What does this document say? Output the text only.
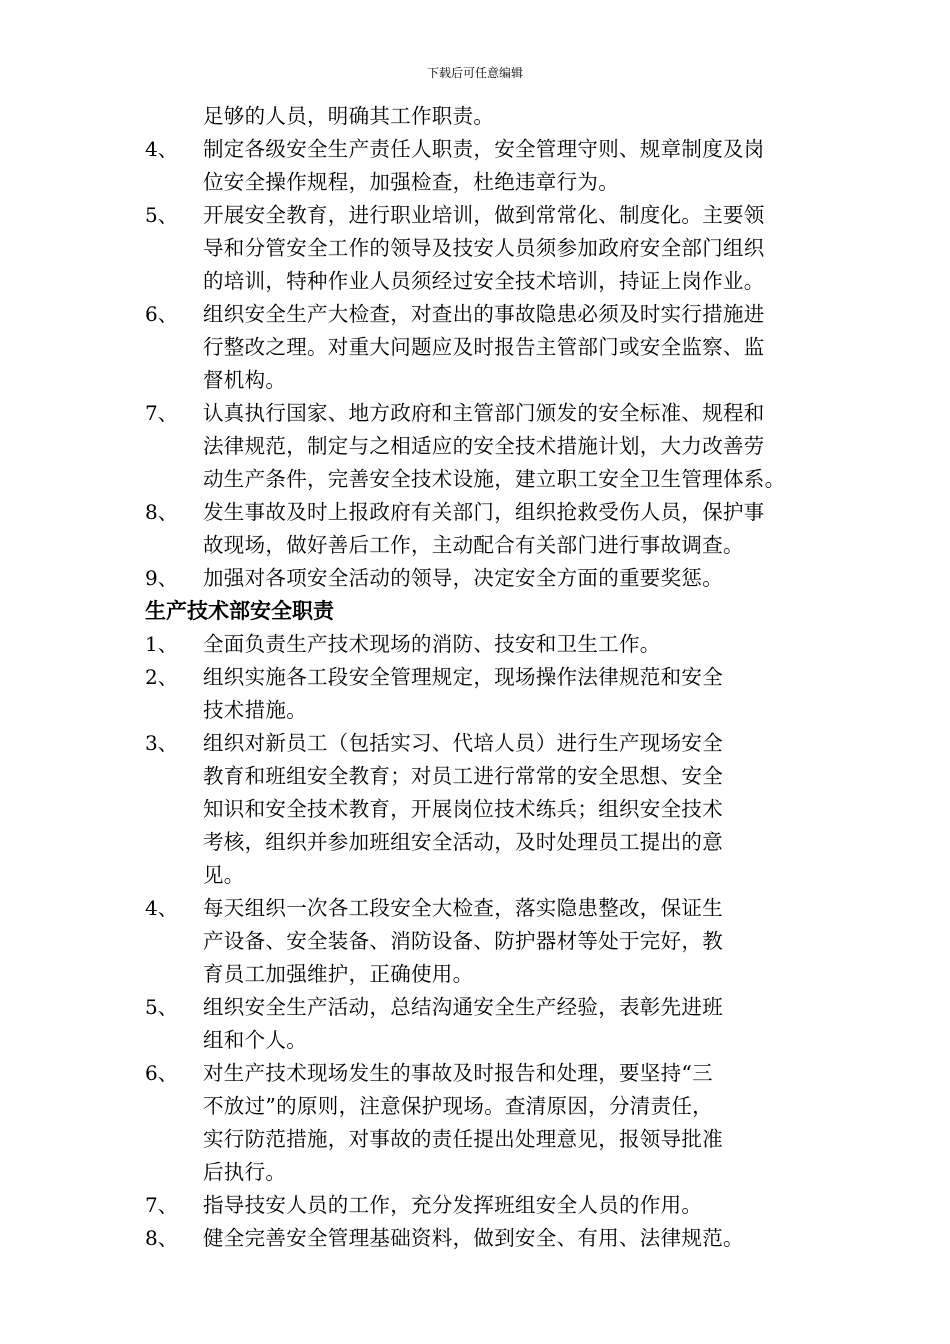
下载后可任意编辑
足够的人员，明确其工作职责。
4、	制定各级安全生产责任人职责，安全管理守则、规章制度及岗
位安全操作规程，加强检查，杜绝违章行为。
5、	开展安全教育，进行职业培训，做到常常化、制度化。主要领
导和分管安全工作的领导及技安人员须参加政府安全部门组织
的培训，特种作业人员须经过安全技术培训，持证上岗作业。
6、	组织安全生产大检查，对查出的事故隐患必须及时实行措施进
行整改之理。对重大问题应及时报告主管部门或安全监察、监
督机构。
7、	认真执行国家、地方政府和主管部门颁发的安全标准、规程和
法律规范，制定与之相适应的安全技术措施计划，大力改善劳
动生产条件，完善安全技术设施，建立职工安全卫生管理体系。
8、	发生事故及时上报政府有关部门，组织抢救受伤人员，保护事
故现场，做好善后工作，主动配合有关部门进行事故调查。
9、	加强对各项安全活动的领导，决定安全方面的重要奖惩。
生产技术部安全职责
1、	全面负责生产技术现场的消防、技安和卫生工作。
2、	组织实施各工段安全管理规定，现场操作法律规范和安全
技术措施。
3、	组织对新员工（包括实习、代培人员）进行生产现场安全
教育和班组安全教育；对员工进行常常的安全思想、安全
知识和安全技术教育，开展岗位技术练兵；组织安全技术
考核，组织并参加班组安全活动，及时处理员工提出的意
见。
4、	每天组织一次各工段安全大检查，落实隐患整改，保证生
产设备、安全装备、消防设备、防护器材等处于完好，教
育员工加强维护，正确使用。
5、	组织安全生产活动，总结沟通安全生产经验，表彰先进班
组和个人。
6、	对生产技术现场发生的事故及时报告和处理，要坚持“三
不放过”的原则，注意保护现场。查清原因，分清责任，
实行防范措施，对事故的责任提出处理意见，报领导批准
后执行。
7、	指导技安人员的工作，充分发挥班组安全人员的作用。
8、	健全完善安全管理基础资料，做到安全、有用、法律规范。
